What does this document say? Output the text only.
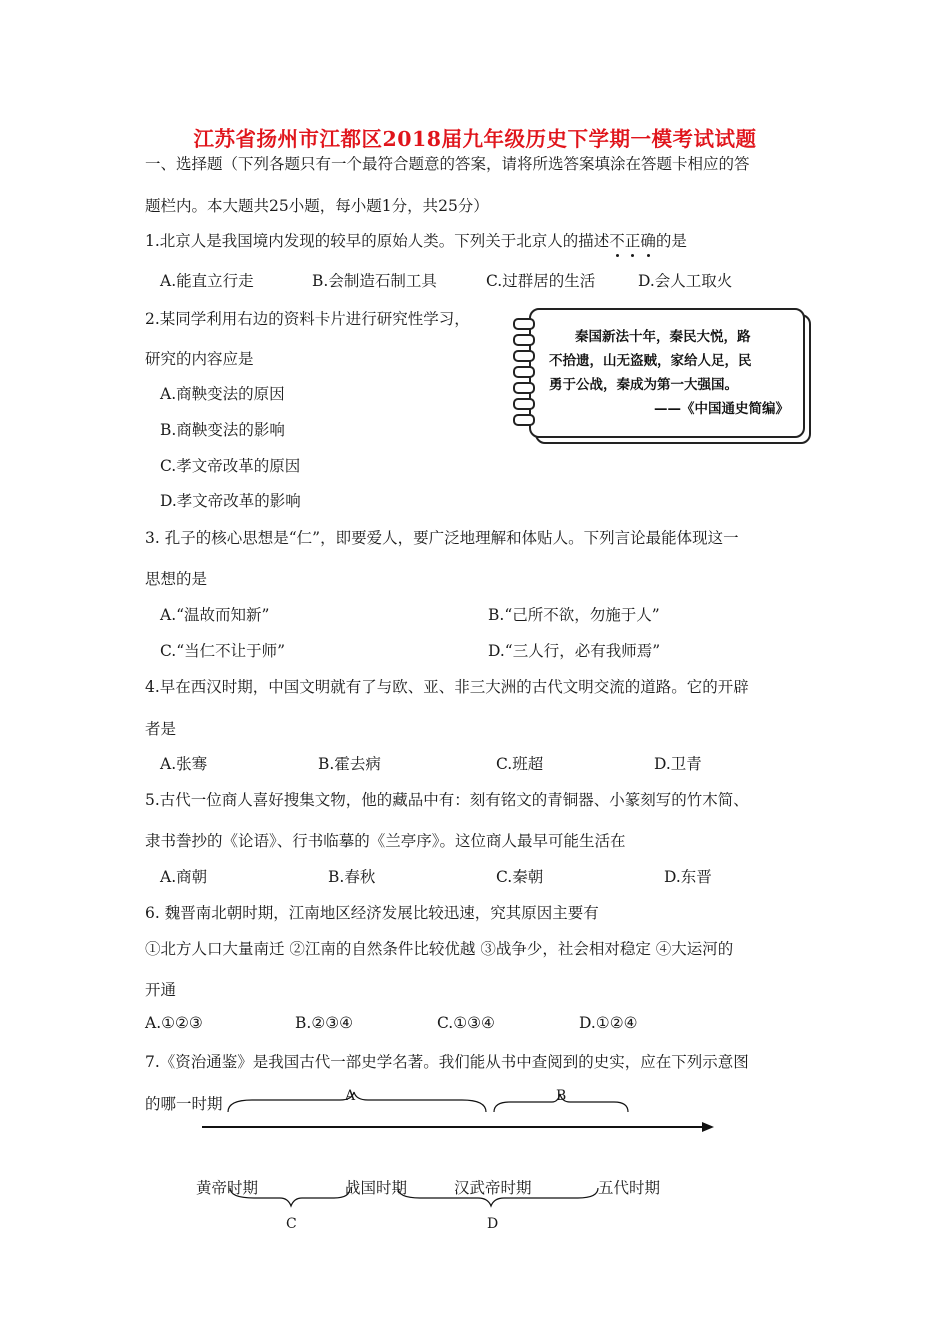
江苏省扬州市江都区2018届九年级历史下学期一模考试试题
一、选择题（下列各题只有一个最符合题意的答案，请将所选答案填涂在答题卡相应的答
题栏内。本大题共25小题，每小题1分，共25分）
1.北京人是我国境内发现的较早的原始人类。下列关于北京人的描述不正确的是
A.能直立行走	B.会制造石制工具	C.过群居的生活	D.会人工取火
2.某同学利用右边的资料卡片进行研究性学习，
研究的内容应是
A.商鞅变法的原因
B.商鞅变法的影响
C.孝文帝改革的原因
D.孝文帝改革的影响
秦国新法十年，秦民大悦，路
不拾遗，山无盗贼，家给人足，民
勇于公战，秦成为第一大强国。
——《中国通史简编》
3. 孔子的核心思想是“仁”，即要爱人，要广泛地理解和体贴人。下列言论最能体现这一
思想的是
A.“温故而知新”	B.“己所不欲，勿施于人”
C.“当仁不让于师”	D.“三人行，必有我师焉”
4.早在西汉时期，中国文明就有了与欧、亚、非三大洲的古代文明交流的道路。它的开辟
者是
A.张骞	B.霍去病	C.班超	D.卫青
5.古代一位商人喜好搜集文物，他的藏品中有：刻有铭文的青铜器、小篆刻写的竹木简、
隶书誊抄的《论语》、行书临摹的《兰亭序》。这位商人最早可能生活在
A.商朝	B.春秋	C.秦朝	D.东晋
6. 魏晋南北朝时期，江南地区经济发展比较迅速，究其原因主要有
①北方人口大量南迁 ②江南的自然条件比较优越 ③战争少，社会相对稳定 ④大运河的
开通
A.①②③	B.②③④	C.①③④	D.①②④
7.《资治通鉴》是我国古代一部史学名著。我们能从书中查阅到的史实，应在下列示意图
的哪一时期	A	B
黄帝时期	战国时期	汉武帝时期	五代时期
C	D
